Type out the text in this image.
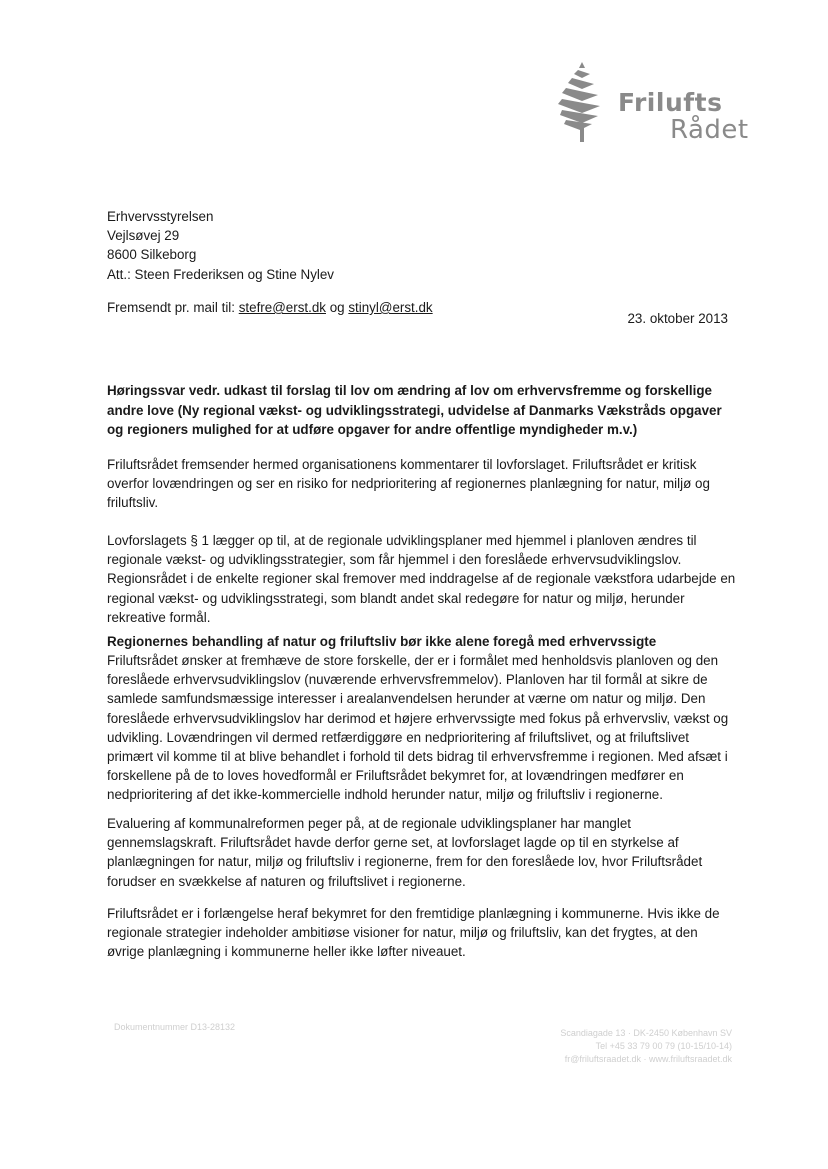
Frilufts
Rådet

Erhvervsstyrelsen

Vejlsøvej 29

8600 Silkeborg

Att.: Steen Frederiksen og Stine Nylev

Fremsendt pr. mail til: stefre@erst.dk og stinyl@erst.dk
23. oktober 2013
Høringssvar vedr. udkast til forslag til lov om ændring af lov om erhvervsfremme og forskellige andre love (Ny regional vækst- og udviklingsstrategi, udvidelse af Danmarks Vækstråds opgaver og regioners mulighed for at udføre opgaver for andre offentlige myndigheder m.v.)
Friluftsrådet fremsender hermed organisationens kommentarer til lovforslaget. Friluftsrådet er kritisk overfor lovændringen og ser en risiko for nedprioritering af regionernes planlægning for natur, miljø og friluftsliv.
Lovforslagets § 1 lægger op til, at de regionale udviklingsplaner med hjemmel i planloven ændres til regionale vækst- og udviklingsstrategier, som får hjemmel i den foreslåede erhvervsudviklingslov. Regionsrådet i de enkelte regioner skal fremover med inddragelse af de regionale vækstfora udarbejde en regional vækst- og udviklingsstrategi, som blandt andet skal redegøre for natur og miljø, herunder rekreative formål.
Regionernes behandling af natur og friluftsliv bør ikke alene foregå med erhvervssigte
Friluftsrådet ønsker at fremhæve de store forskelle, der er i formålet med henholdsvis planloven og den foreslåede erhvervsudviklingslov (nuværende erhvervsfremmelov). Planloven har til formål at sikre de samlede samfundsmæssige interesser i arealanvendelsen herunder at værne om natur og miljø. Den foreslåede erhvervsudviklingslov har derimod et højere erhvervssigte med fokus på erhvervsliv, vækst og udvikling. Lovændringen vil dermed retfærdiggøre en nedprioritering af friluftslivet, og at friluftslivet primært vil komme til at blive behandlet i forhold til dets bidrag til erhvervsfremme i regionen. Med afsæt i forskellene på de to loves hovedformål er Friluftsrådet bekymret for, at lovændringen medfører en nedprioritering af det ikke-kommercielle indhold herunder natur, miljø og friluftsliv i regionerne.
Evaluering af kommunalreformen peger på, at de regionale udviklingsplaner har manglet gennemslagskraft. Friluftsrådet havde derfor gerne set, at lovforslaget lagde op til en styrkelse af planlægningen for natur, miljø og friluftsliv i regionerne, frem for den foreslåede lov, hvor Friluftsrådet forudser en svækkelse af naturen og friluftslivet i regionerne.
Friluftsrådet er i forlængelse heraf bekymret for den fremtidige planlægning i kommunerne. Hvis ikke de regionale strategier indeholder ambitiøse visioner for natur, miljø og friluftsliv, kan det frygtes, at den øvrige planlægning i kommunerne heller ikke løfter niveauet.
Dokumentnummer D13-28132

Scandiagade 13 · DK-2450 København SV

Tel +45 33 79 00 79 (10-15/10-14)

fr@friluftsraadet.dk · www.friluftsraadet.dk
